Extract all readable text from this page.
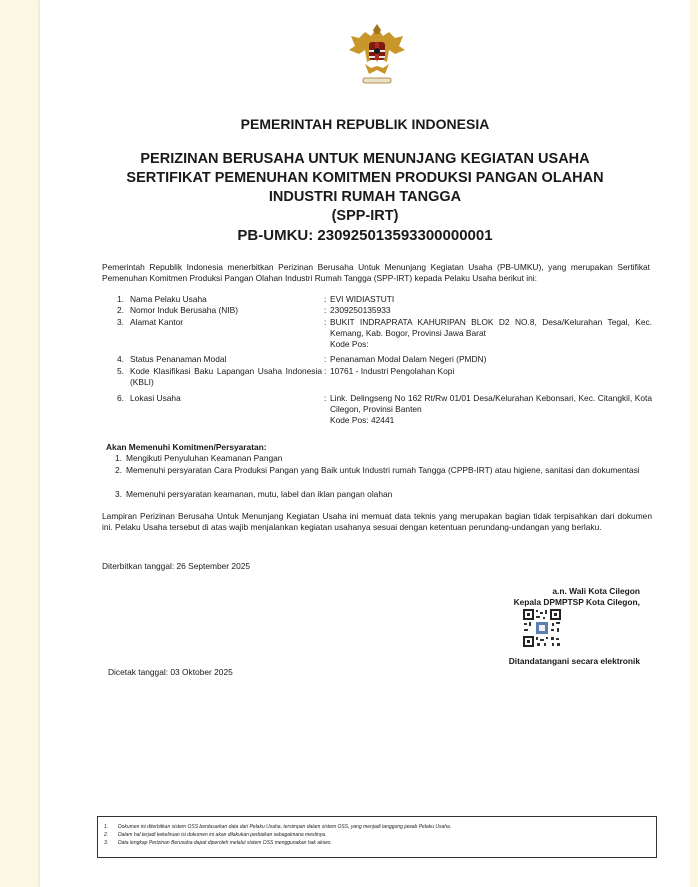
PEMERINTAH REPUBLIK INDONESIA
PERIZINAN BERUSAHA UNTUK MENUNJANG KEGIATAN USAHA
SERTIFIKAT PEMENUHAN KOMITMEN PRODUKSI PANGAN OLAHAN
INDUSTRI RUMAH TANGGA
(SPP-IRT)
PB-UMKU: 230925013593300000001
Pemerintah Republik Indonesia menerbitkan Perizinan Berusaha Untuk Menunjang Kegiatan Usaha (PB-UMKU), yang merupakan Sertifikat Pemenuhan Komitmen Produksi Pangan Olahan Industri Rumah Tangga (SPP-IRT) kepada Pelaku Usaha berikut ini:
1. Nama Pelaku Usaha	: EVI WIDIASTUTI
2. Nomor Induk Berusaha (NIB)	: 2309250135933
3. Alamat Kantor	: BUKIT INDRAPRATA KAHURIPAN BLOK D2 NO.8, Desa/Kelurahan Tegal, Kec. Kemang, Kab. Bogor, Provinsi Jawa Barat
Kode Pos:
4. Status Penanaman Modal	: Penanaman Modal Dalam Negeri (PMDN)
5. Kode Klasifikasi Baku Lapangan Usaha Indonesia (KBLI)
: 10761 - Industri Pengolahan Kopi
6. Lokasi Usaha	: Link. Delingseng No 162 Rt/Rw 01/01 Desa/Kelurahan Kebonsari, Kec. Citangkil, Kota Cilegon, Provinsi Banten
Kode Pos: 42441
Akan Memenuhi Komitmen/Persyaratan:
1. Mengikuti Penyuluhan Keamanan Pangan
2. Memenuhi persyaratan Cara Produksi Pangan yang Baik untuk Industri rumah Tangga (CPPB-IRT) atau higiene, sanitasi dan dokumentasi
3. Memenuhi persyaratan keamanan, mutu, label dan iklan pangan olahan
Lampiran Perizinan Berusaha Untuk Menunjang Kegiatan Usaha ini memuat data teknis yang merupakan bagian tidak terpisahkan dari dokumen ini. Pelaku Usaha tersebut di atas wajib menjalankan kegiatan usahanya sesuai dengan ketentuan perundang-undangan yang berlaku.
Diterbitkan tanggal: 26 September 2025
a.n. Wali Kota Cilegon
Kepala DPMPTSP Kota Cilegon,
Ditandatangani secara elektronik
Dicetak tanggal: 03 Oktober 2025
1. Dokumen ini diterbitkan sistem OSS berdasarkan data dari Pelaku Usaha, tersimpan dalam sistem OSS, yang menjadi tanggung jawab Pelaku Usaha.
2. Dalam hal terjadi kekeliruan isi dokumen ini akan dilakukan perbaikan sebagaimana mestinya.
3. Data lengkap Perizinan Berusaha dapat diperoleh melalui sistem OSS menggunakan hak akses.
